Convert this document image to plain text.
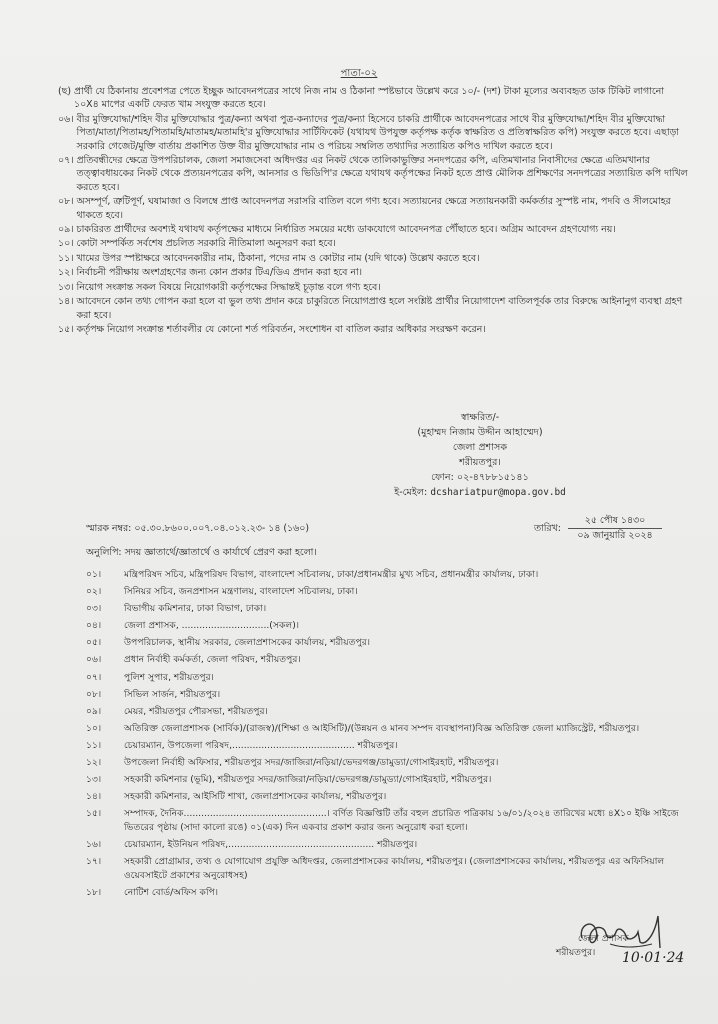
পাতা-০২
(ছ)
প্রার্থী যে ঠিকানায় প্রবেশপত্র পেতে ইচ্ছুক আবেদনপত্রের সাথে নিজ নাম ও ঠিকানা স্পষ্টভাবে উল্লেখ করে ১০/- (দশ) টাকা মূল্যের অব্যবহৃত ডাক টিকিট লাগানো ১০X৪ মাপের একটি ফেরত খাম সংযুক্ত করতে হবে।
০৬।
বীর মুক্তিযোদ্ধা/শহিদ বীর মুক্তিযোদ্ধার পুত্র/কন্যা অথবা পুত্র-কন্যাদের পুত্র/কন্যা হিসেবে চাকরি প্রার্থীকে আবেদনপত্রের সাথে বীর মুক্তিযোদ্ধা/শহিদ বীর মুক্তিযোদ্ধা পিতা/মাতা/পিতামহ/পিতামহি/মাতামহ/মতামহি'র মুক্তিযোদ্ধার সার্টিফিকেট (যথাযথ উপযুক্ত কর্তৃপক্ষ কর্তৃক স্বাক্ষরিত ও প্রতিস্বাক্ষরিত কপি) সংযুক্ত করতে হবে। এছাড়া সরকারি গেজেট/মুক্তি বার্তায় প্রকাশিত উক্ত বীর মুক্তিযোদ্ধার নাম ও পরিচয় সম্বলিত তথ্যাদির সত্যায়িত কপিও দাখিল করতে হবে।
০৭।
প্রতিবন্ধীদের ক্ষেত্রে উপপরিচালক, জেলা সমাজসেবা অধিদপ্তর এর নিকট থেকে তালিকাভুক্তির সনদপত্রের কপি, এতিমখানার নিবাসীদের ক্ষেত্রে এতিমখানার তত্ত্বাবধায়কের নিকট থেকে প্রত্যয়নপত্রের কপি, আনসার ও ভিডিপি'র ক্ষেত্রে যথাযথ কর্তৃপক্ষের নিকট হতে প্রাপ্ত মৌলিক প্রশিক্ষণের সনদপত্রের সত্যায়িত কপি দাখিল করতে হবে।
০৮।
অসম্পূর্ণ, ত্রুটিপূর্ণ, ঘষামাজা ও বিলম্বে প্রাপ্ত আবেদনপত্র সরাসরি বাতিল বলে গণ্য হবে। সত্যায়নের ক্ষেত্রে সত্যায়নকারী কর্মকর্তার সুস্পষ্ট নাম, পদবি ও সীলমোহর থাকতে হবে।
০৯।
চাকরিরত প্রার্থীদের অবশ্যই যথাযথ কর্তৃপক্ষের মাধ্যমে নির্ধারিত সময়ের মধ্যে ডাকযোগে আবেদনপত্র পৌঁছাতে হবে। অগ্রিম আবেদন গ্রহণযোগ্য নয়।
১০।
কোটা সম্পর্কিত সর্বশেষ প্রচলিত সরকারি নীতিমালা অনুসরণ করা হবে।
১১।
খামের উপর স্পষ্টাক্ষরে আবেদনকারীর নাম, ঠিকানা, পদের নাম ও কোটার নাম (যদি থাকে) উল্লেখ করতে হবে।
১২।
নির্বাচনী পরীক্ষায় অংশগ্রহণের জন্য কোন প্রকার টিএ/ডিএ প্রদান করা হবে না।
১৩।
নিয়োগ সংক্রান্ত সকল বিষয়ে নিয়োগকারী কর্তৃপক্ষের সিদ্ধান্তই চূড়ান্ত বলে গণ্য হবে।
১৪।
আবেদনে কোন তথ্য গোপন করা হলে বা ভুল তথ্য প্রদান করে চাকুরিতে নিয়োগপ্রাপ্ত হলে সংশ্লিষ্ট প্রার্থীর নিয়োগাদেশ বাতিলপূর্বক তার বিরুদ্ধে আইনানুগ ব্যবস্থা গ্রহণ করা হবে।
১৫।
কর্তৃপক্ষ নিয়োগ সংক্রান্ত শর্তাবলীর যে কোনো শর্ত পরিবর্তন, সংশোধন বা বাতিল করার অধিকার সংরক্ষণ করেন।
স্বাক্ষরিত/-
(মুহাম্মদ নিজাম উদ্দীন আহাম্মেদ)
জেলা প্রশাসক
শরীয়তপুর।
ফোন: ০২-৪৭৮৮১৫১৪১
ই-মেইল: dcshariatpur@mopa.gov.bd
স্মারক নম্বর: ০৫.৩০.৮৬০০.০০৭.০৪.০১২.২৩- ১৪ (১৬০)	তারিখ:
২৫ পৌষ ১৪৩০
০৯ জানুয়ারি ২০২৪
অনুলিপি: সদয় জ্ঞাতার্থে/জ্ঞাতার্থে ও কার্যার্থে প্রেরণ করা হলো।
০১।	মন্ত্রিপরিষদ সচিব, মন্ত্রিপরিষদ বিভাগ, বাংলাদেশ সচিবালয়, ঢাকা/প্রধানমন্ত্রীর মুখ্য সচিব, প্রধানমন্ত্রীর কার্যালয়, ঢাকা।
০২।	সিনিয়র সচিব, জনপ্রশাসন মন্ত্রণালয়, বাংলাদেশ সচিবালয়, ঢাকা।
০৩।	বিভাগীয় কমিশনার, ঢাকা বিভাগ, ঢাকা।
০৪।	জেলা প্রশাসক, ..............................(সকল)।
০৫।	উপপরিচালক, স্থানীয় সরকার, জেলাপ্রশাসকের কার্যালয়, শরীয়তপুর।
০৬।	প্রধান নির্বাহী কর্মকর্তা, জেলা পরিষদ, শরীয়তপুর।
০৭।	পুলিশ সুপার, শরীয়তপুর।
০৮।	সিভিল সার্জন, শরীয়তপুর।
০৯।	মেয়র, শরীয়তপুর পৌরসভা, শরীয়তপুর।
১০।	অতিরিক্ত জেলাপ্রশাসক (সার্বিক)/(রাজস্ব)/(শিক্ষা ও আইসিটি)/(উন্নয়ন ও মানব সম্পদ ব্যবস্থাপনা)বিজ্ঞ অতিরিক্ত জেলা ম্যাজিস্ট্রেট, শরীয়তপুর।
১১।	চেয়ারম্যান, উপজেলা পরিষদ,.......................................... শরীয়তপুর।
১২।	উপজেলা নির্বাহী অফিসার, শরীয়তপুর সদর/জাজিরা/নড়িয়া/ভেদরগঞ্জ/ডামুড্যা/গোসাইরহাট, শরীয়তপুর।
১৩।	সহকারী কমিশনার (ভূমি), শরীয়তপুর সদর/জাজিরা/নড়িয়া/ভেদরগঞ্জ/ডামুড্যা/গোসাইরহাট, শরীয়তপুর।
১৪।	সহকারী কমিশনার, আইসিটি শাখা, জেলাপ্রশাসকের কার্যালয়, শরীয়তপুর।
১৫।	সম্পাদক, দৈনিক.................................................। বর্ণিত বিজ্ঞপ্তিটি তাঁর বহুল প্রচারিত পত্রিকায় ১৬/০১/২০২৪ তারিখের মধ্যে ৪X১০ ইঞ্চি সাইজে ভিতরের পৃষ্ঠায় (সাদা কালো রঙে) ০১(এক) দিন একবার প্রকাশ করার জন্য অনুরোধ করা হলো।
১৬।	চেয়ারম্যান, ইউনিয়ন পরিষদ,.................................................. শরীয়তপুর।
১৭।	সহকারী প্রোগ্রামার, তথ্য ও যোগাযোগ প্রযুক্তি অধিদপ্তর, জেলাপ্রশাসকের কার্যালয়, শরীয়তপুর। (জেলাপ্রশাসকের কার্যালয়, শরীয়তপুর এর অফিসিয়াল ওয়েবসাইটে প্রকাশের অনুরোধসহ)
১৮।	নোটিশ বোর্ড/অফিস কপি।
জেলা প্রশাসক
শরীয়তপুর।	10·01·24
